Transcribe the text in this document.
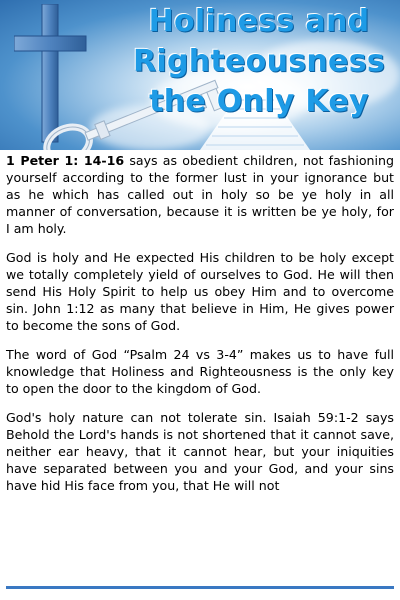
Holiness and
Righteousness
the Only Key

1 Peter 1: 14-16 says as obedient children, not fashioning yourself according to the former lust in your ignorance but as he which has called out in holy so be ye holy in all manner of conversation, because it is written be ye holy, for I am holy.

God is holy and He expected His children to be holy except we totally completely yield of ourselves to God. He will then send His Holy Spirit to help us obey Him and to overcome sin. John 1:12 as many that believe in Him, He gives power to become the sons of God.

The word of God “Psalm 24 vs 3-4” makes us to have full knowledge that Holiness and Righteousness is the only key to open the door to the kingdom of God.

God's holy nature can not tolerate sin. Isaiah 59:1-2 says Behold the Lord's hands is not shortened that it cannot save, neither ear heavy, that it cannot hear, but your iniquities have separated between you and your God, and your sins have hid His face from you, that He will not
